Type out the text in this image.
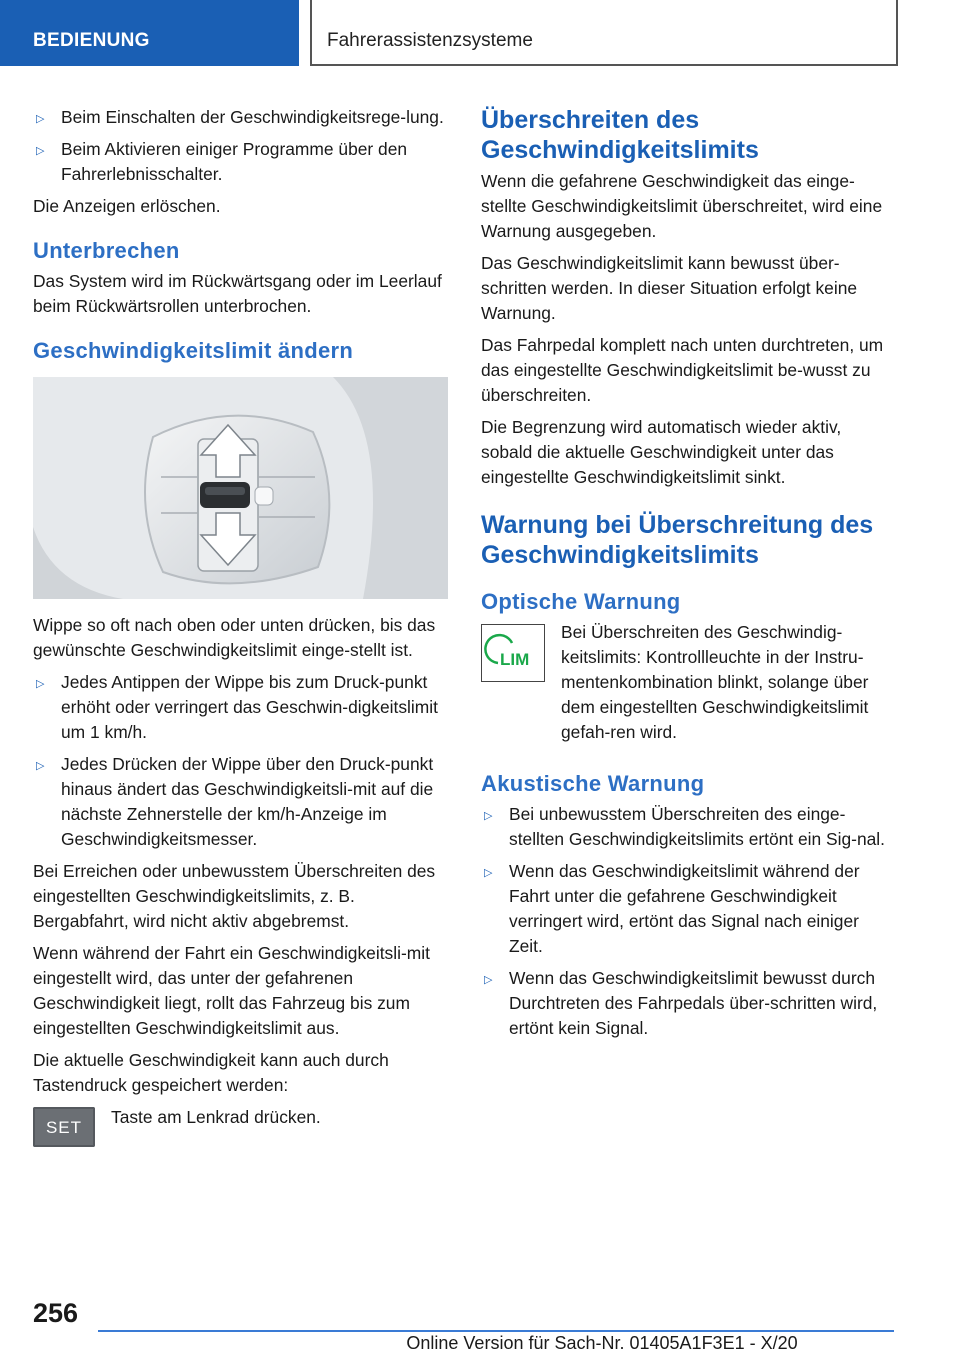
BEDIENUNG	Fahrerassistenzsysteme
▷ Beim Einschalten der Geschwindigkeitsrege-lung.
▷ Beim Aktivieren einiger Programme über den Fahrerlebnisschalter.

Die Anzeigen erlöschen.

Unterbrechen

Das System wird im Rückwärtsgang oder im Leerlauf beim Rückwärtsrollen unterbrochen.

Geschwindigkeitslimit ändern

Wippe so oft nach oben oder unten drücken, bis das gewünschte Geschwindigkeitslimit einge-stellt ist.

▷ Jedes Antippen der Wippe bis zum Druck-punkt erhöht oder verringert das Geschwin-digkeitslimit um 1 km/h.
▷ Jedes Drücken der Wippe über den Druck-punkt hinaus ändert das Geschwindigkeitsli-mit auf die nächste Zehnerstelle der km/h-Anzeige im Geschwindigkeitsmesser.

Bei Erreichen oder unbewusstem Überschreiten des eingestellten Geschwindigkeitslimits, z. B. Bergabfahrt, wird nicht aktiv abgebremst.

Wenn während der Fahrt ein Geschwindigkeitsli-mit eingestellt wird, das unter der gefahrenen Geschwindigkeit liegt, rollt das Fahrzeug bis zum eingestellten Geschwindigkeitslimit aus.

Die aktuelle Geschwindigkeit kann auch durch Tastendruck gespeichert werden:

SET	Taste am Lenkrad drücken.

Überschreiten des Geschwindigkeitslimits

Wenn die gefahrene Geschwindigkeit das einge-stellte Geschwindigkeitslimit überschreitet, wird eine Warnung ausgegeben.

Das Geschwindigkeitslimit kann bewusst über-schritten werden. In dieser Situation erfolgt keine Warnung.

Das Fahrpedal komplett nach unten durchtreten, um das eingestellte Geschwindigkeitslimit be-wusst zu überschreiten.

Die Begrenzung wird automatisch wieder aktiv, sobald die aktuelle Geschwindigkeit unter das eingestellte Geschwindigkeitslimit sinkt.

Warnung bei Überschreitung des Geschwindigkeitslimits
Optische Warnung
LIM

Bei Überschreiten des Geschwindig-keitslimits: Kontrollleuchte in der Instru-mentenkombination blinkt, solange über dem eingestellten Geschwindigkeitslimit gefah-ren wird.

Akustische Warnung
▷ Bei unbewusstem Überschreiten des einge-stellten Geschwindigkeitslimits ertönt ein Sig-nal.
▷ Wenn das Geschwindigkeitslimit während der Fahrt unter die gefahrene Geschwindigkeit verringert wird, ertönt das Signal nach einiger Zeit.
▷ Wenn das Geschwindigkeitslimit bewusst durch Durchtreten des Fahrpedals über-schritten wird, ertönt kein Signal.
256
Online Version für Sach-Nr. 01405A1F3E1 - X/20
